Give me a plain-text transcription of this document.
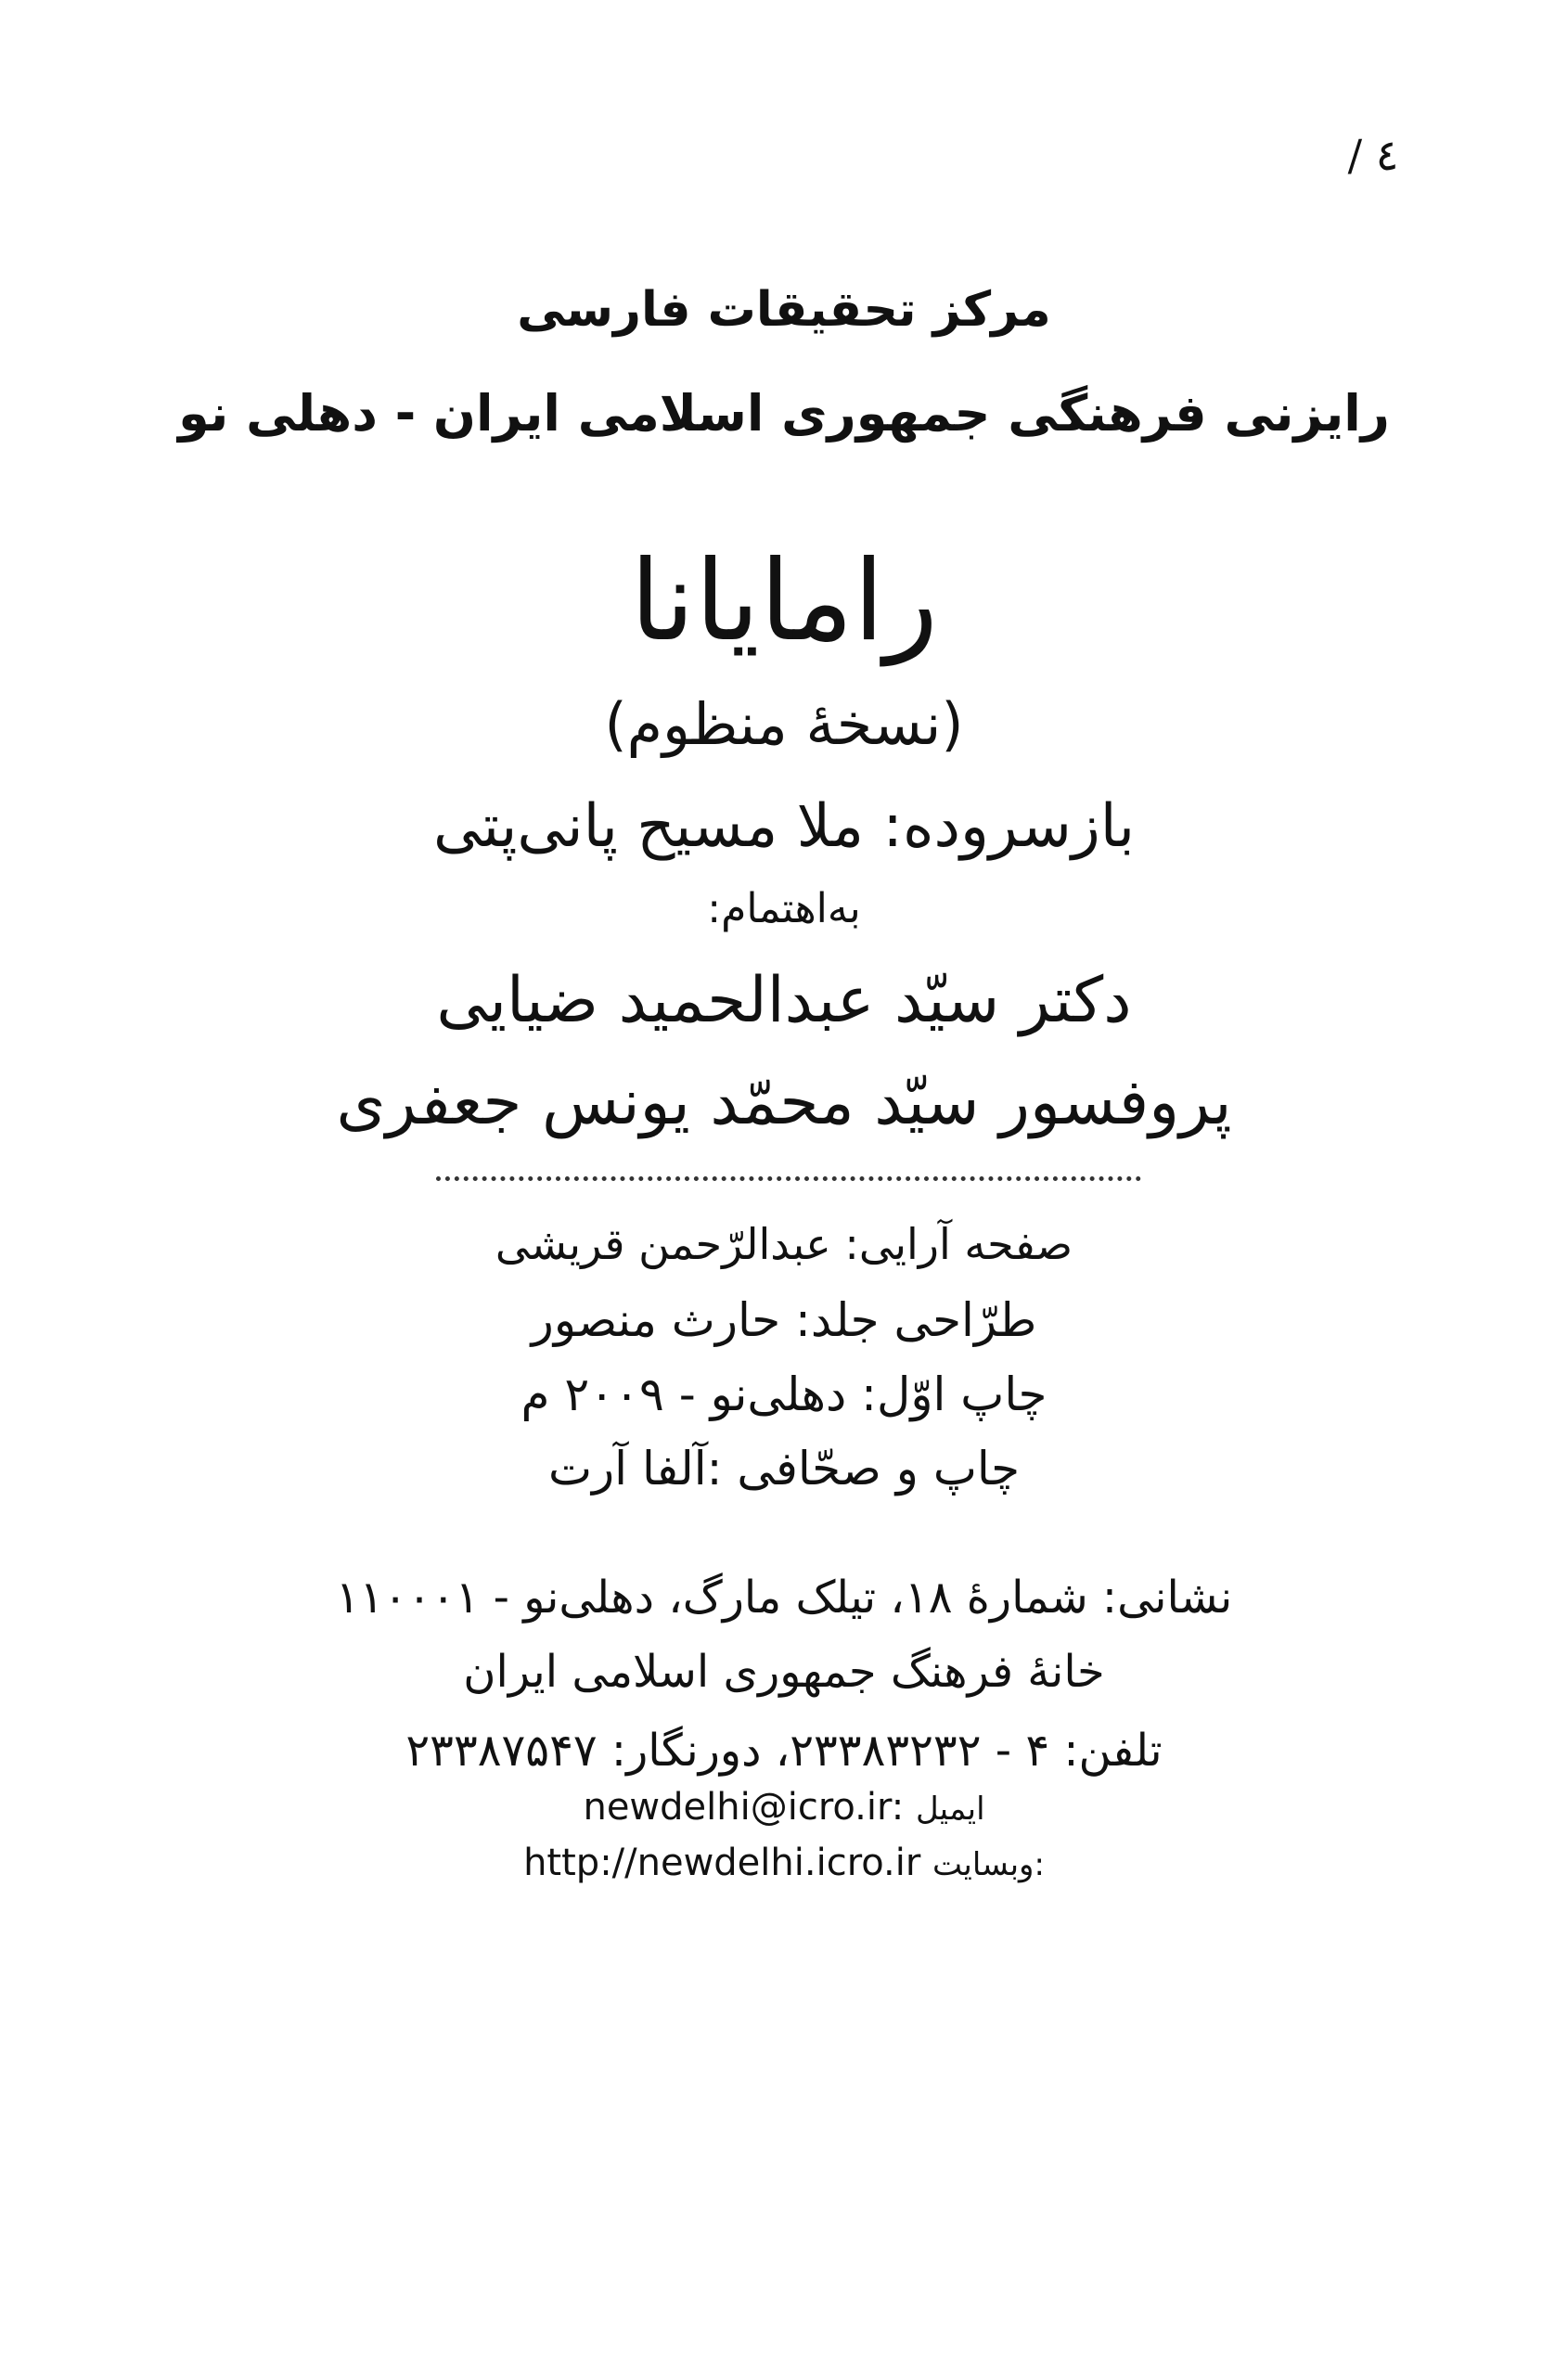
/ ٤
مرکز تحقیقات فارسی
رایزنی فرهنگی جمهوری اسلامی ایران - دهلی نو
رامایانا
(نسخهٔ منظوم)
بازسروده: ملا مسیح پانی‌پتی
به‌اهتمام:
دکتر سیّد عبدالحمید ضیایی
پروفسور سیّد محمّد یونس جعفری
صفحه آرایی: عبدالرّحمن قریشی
طرّاحی جلد: حارث منصور
چاپ اوّل: دهلی‌نو - ۲۰۰۹ م
چاپ و صحّافی :آلفا آرت
نشانی: شمارهٔ ۱۸، تیلک مارگ، دهلی‌نو - ۱۱۰۰۰۱
خانهٔ فرهنگ جمهوری اسلامی ایران
تلفن: ۴ - ۲۳۳۸۳۲۳۲، دورنگار: ۲۳۳۸۷۵۴۷
newdelhi@icro.ir: ایمیل
http://newdelhi.icro.ir :وبسایت
